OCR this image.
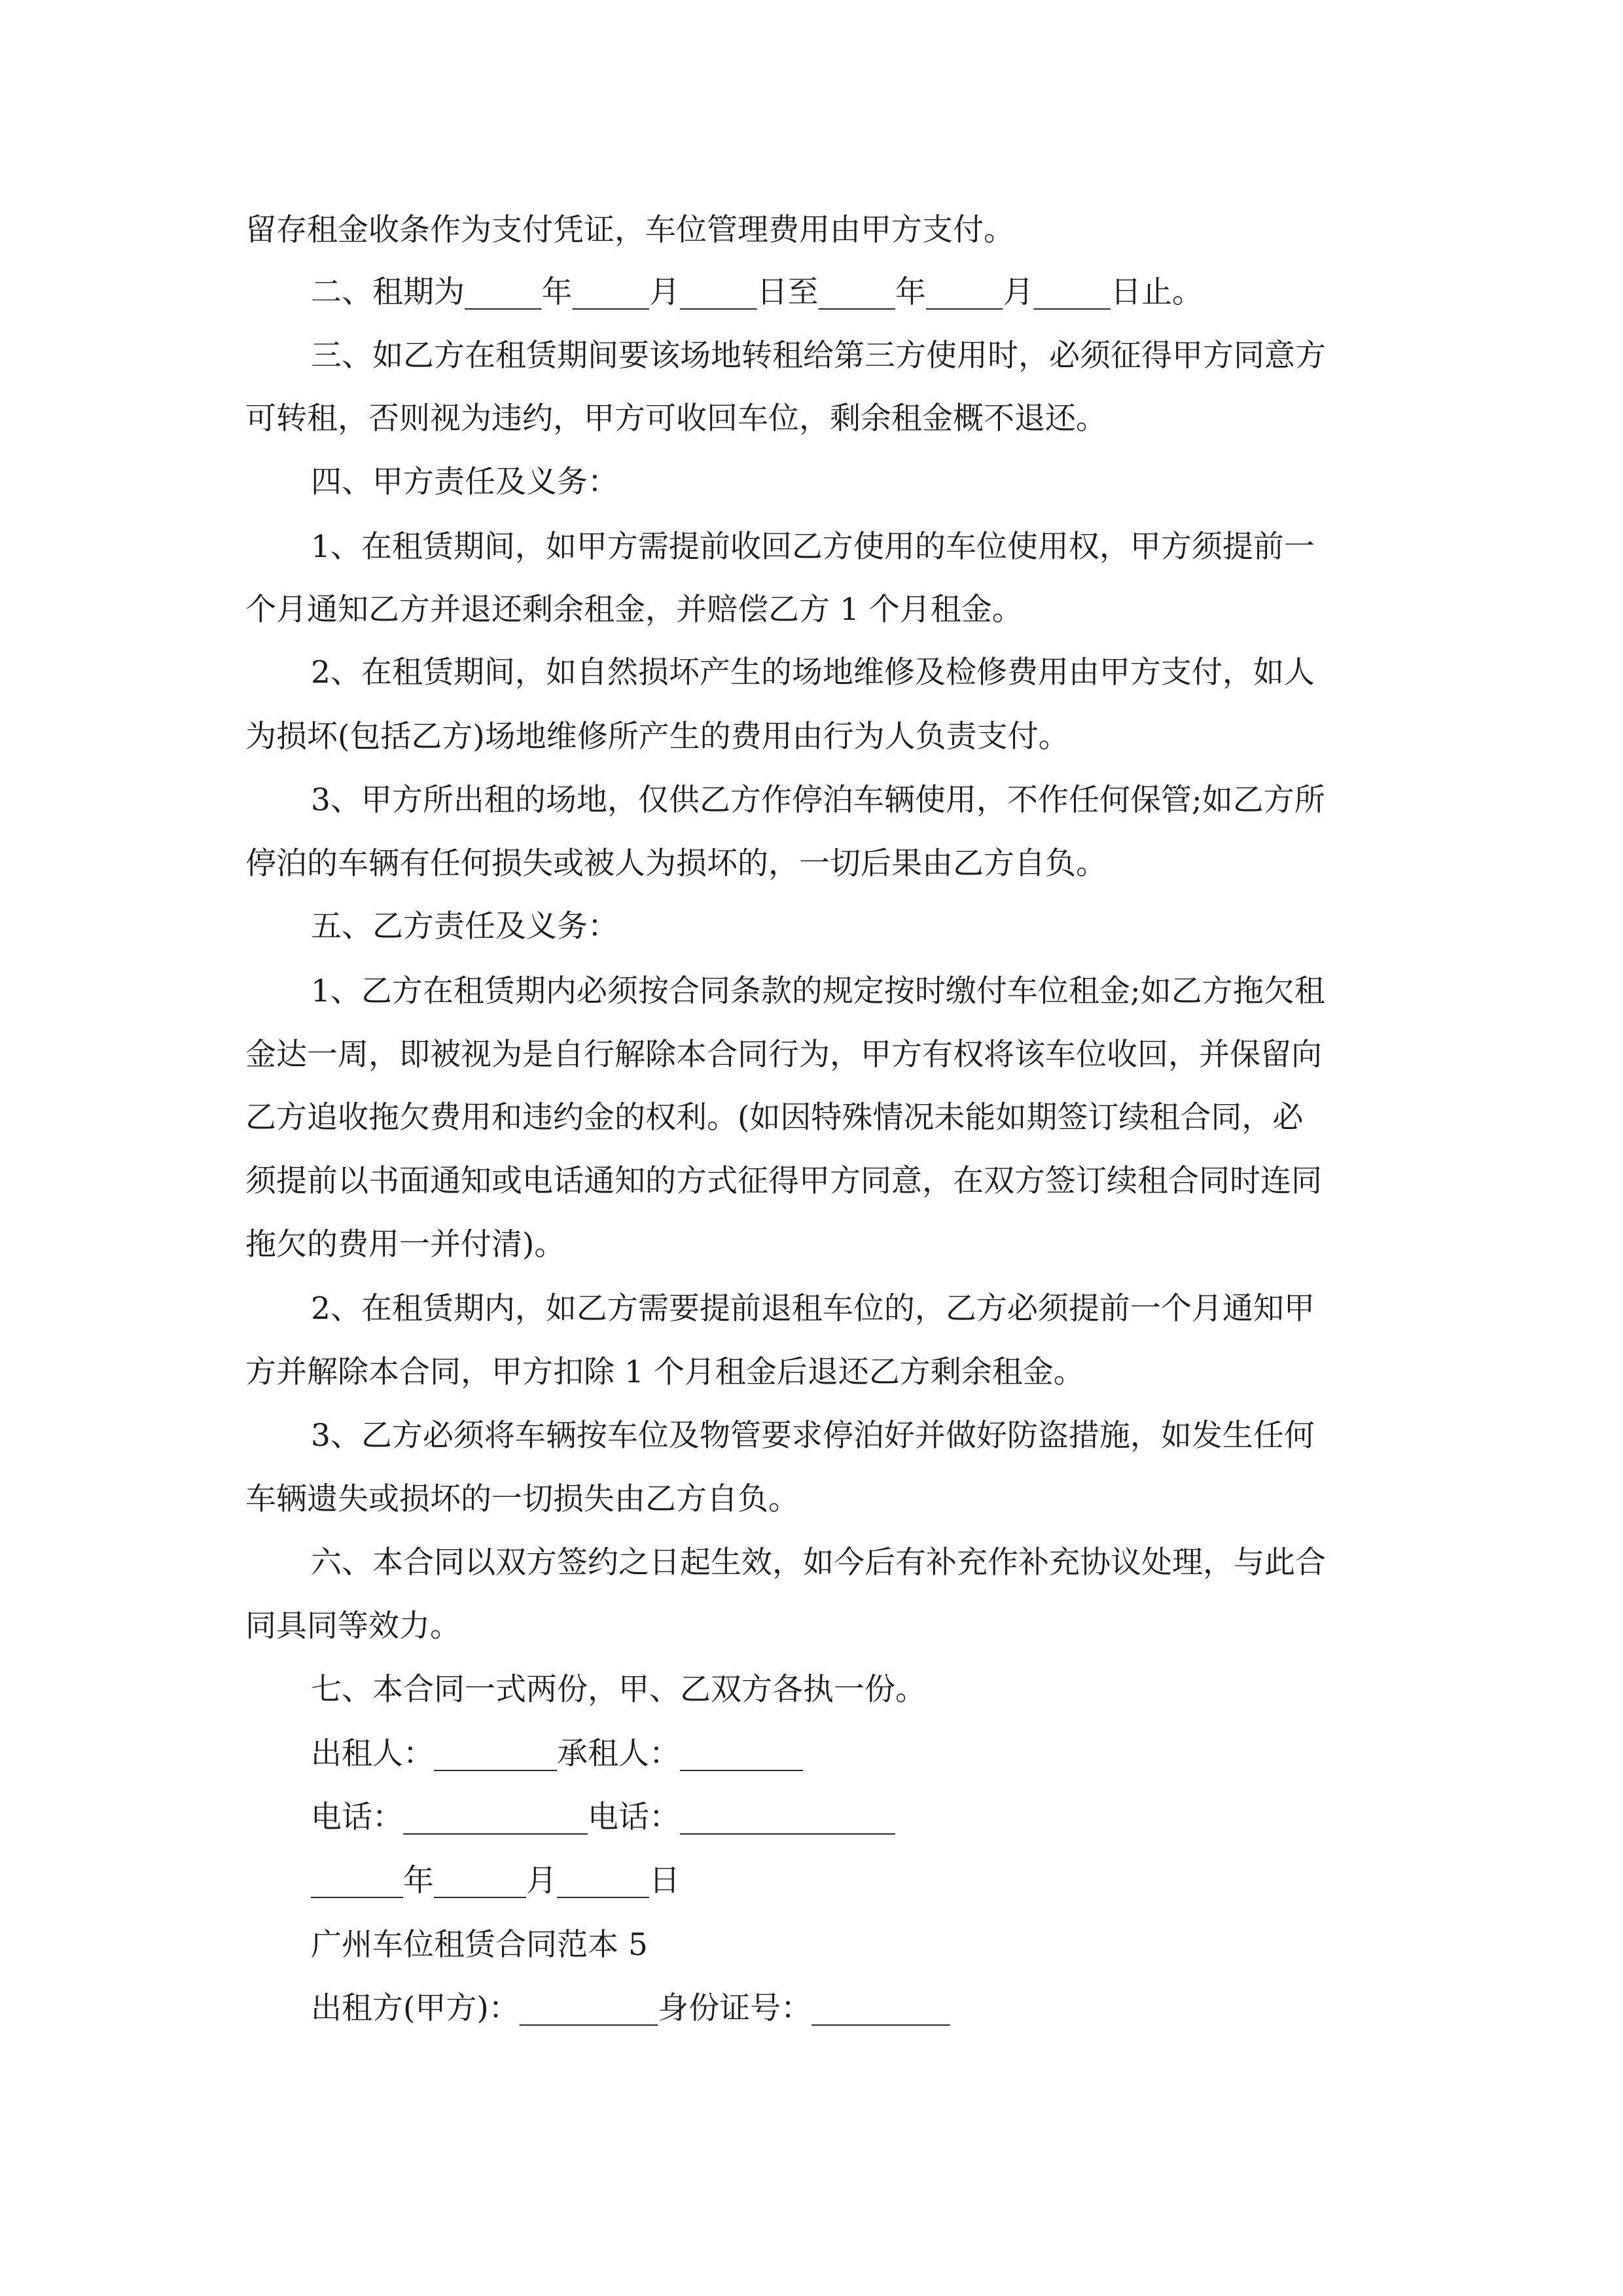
留存租金收条作为支付凭证，车位管理费用由甲方支付。
二、租期为_____年_____月_____日至_____年_____月_____日止。
三、如乙方在租赁期间要该场地转租给第三方使用时，必须征得甲方同意方
可转租，否则视为违约，甲方可收回车位，剩余租金概不退还。
四、甲方责任及义务：
1、在租赁期间，如甲方需提前收回乙方使用的车位使用权，甲方须提前一
个月通知乙方并退还剩余租金，并赔偿乙方 1 个月租金。
2、在租赁期间，如自然损坏产生的场地维修及检修费用由甲方支付，如人
为损坏(包括乙方)场地维修所产生的费用由行为人负责支付。
3、甲方所出租的场地，仅供乙方作停泊车辆使用，不作任何保管;如乙方所
停泊的车辆有任何损失或被人为损坏的，一切后果由乙方自负。
五、乙方责任及义务：
1、乙方在租赁期内必须按合同条款的规定按时缴付车位租金;如乙方拖欠租
金达一周，即被视为是自行解除本合同行为，甲方有权将该车位收回，并保留向
乙方追收拖欠费用和违约金的权利。(如因特殊情况未能如期签订续租合同，必
须提前以书面通知或电话通知的方式征得甲方同意，在双方签订续租合同时连同
拖欠的费用一并付清)。
2、在租赁期内，如乙方需要提前退租车位的，乙方必须提前一个月通知甲
方并解除本合同，甲方扣除 1 个月租金后退还乙方剩余租金。
3、乙方必须将车辆按车位及物管要求停泊好并做好防盗措施，如发生任何
车辆遗失或损坏的一切损失由乙方自负。
六、本合同以双方签约之日起生效，如今后有补充作补充协议处理，与此合
同具同等效力。
七、本合同一式两份，甲、乙双方各执一份。
出租人：________承租人：________
电话：____________电话：______________
______年______月______日
广州车位租赁合同范本 5
出租方(甲方)：_________身份证号：_________
